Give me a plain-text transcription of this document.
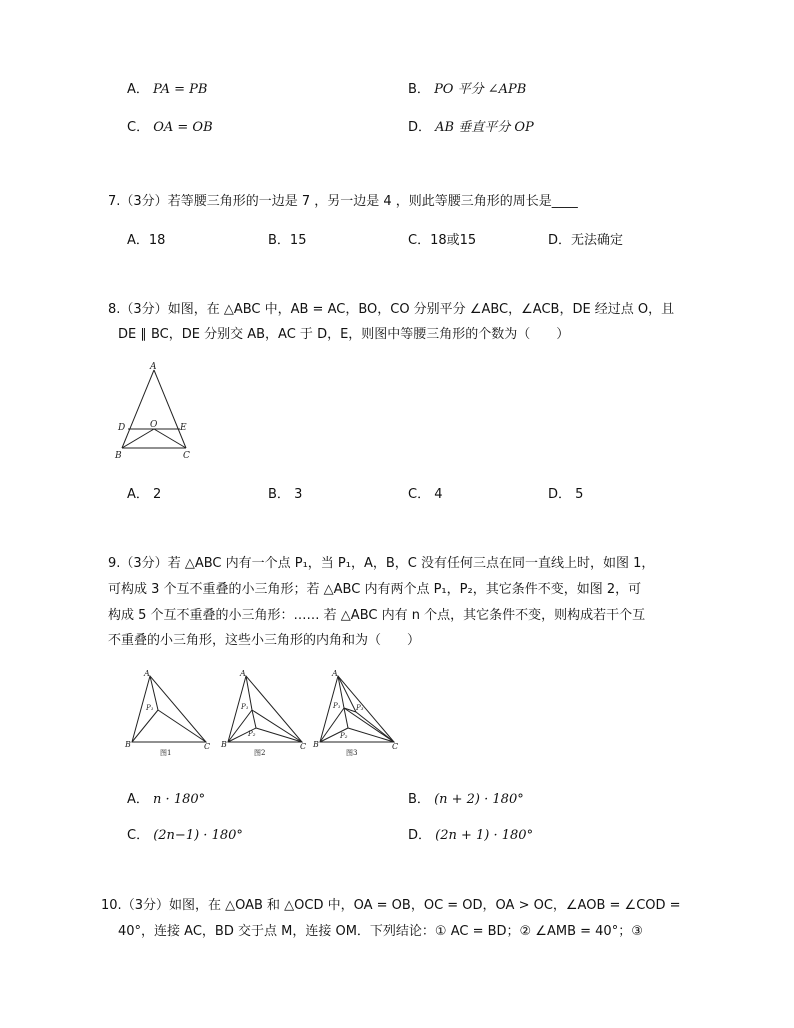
A． PA = PB	B． PO 平分 ∠APB
C． OA = OB	D． AB 垂直平分 OP
7.（3分）若等腰三角形的一边是 7 ，另一边是 4 ，则此等腰三角形的周长是____
A．18	B．15	C．18或15	D．无法确定
8.（3分）如图，在 △ABC 中，AB = AC，BO，CO 分别平分 ∠ABC，∠ACB，DE 经过点 O，且
DE ∥ BC，DE 分别交 AB，AC 于 D，E，则图中等腰三角形的个数为（　　）
A
B	C
D	E
O
A． 2	B． 3	C． 4	D． 5
9.（3分）若 △ABC 内有一个点 P₁，当 P₁，A，B，C 没有任何三点在同一直线上时，如图 1，
可构成 3 个互不重叠的小三角形；若 △ABC 内有两个点 P₁，P₂，其它条件不变，如图 2，可
构成 5 个互不重叠的小三角形：…… 若 △ABC 内有 n 个点，其它条件不变，则构成若干个互
不重叠的小三角形，这些小三角形的内角和为（　　）
A
B	C
P₁
图1
A
B	C
P₁
P₂
图2
A
B	C
P₁
P₂
P₃
图3
A． n · 180°	B． (n + 2) · 180°
C． (2n−1) · 180°	D． (2n + 1) · 180°
10.（3分）如图，在 △OAB 和 △OCD 中，OA = OB，OC = OD，OA > OC，∠AOB = ∠COD =
40°，连接 AC，BD 交于点 M，连接 OM．下列结论：① AC = BD；② ∠AMB = 40°；③
